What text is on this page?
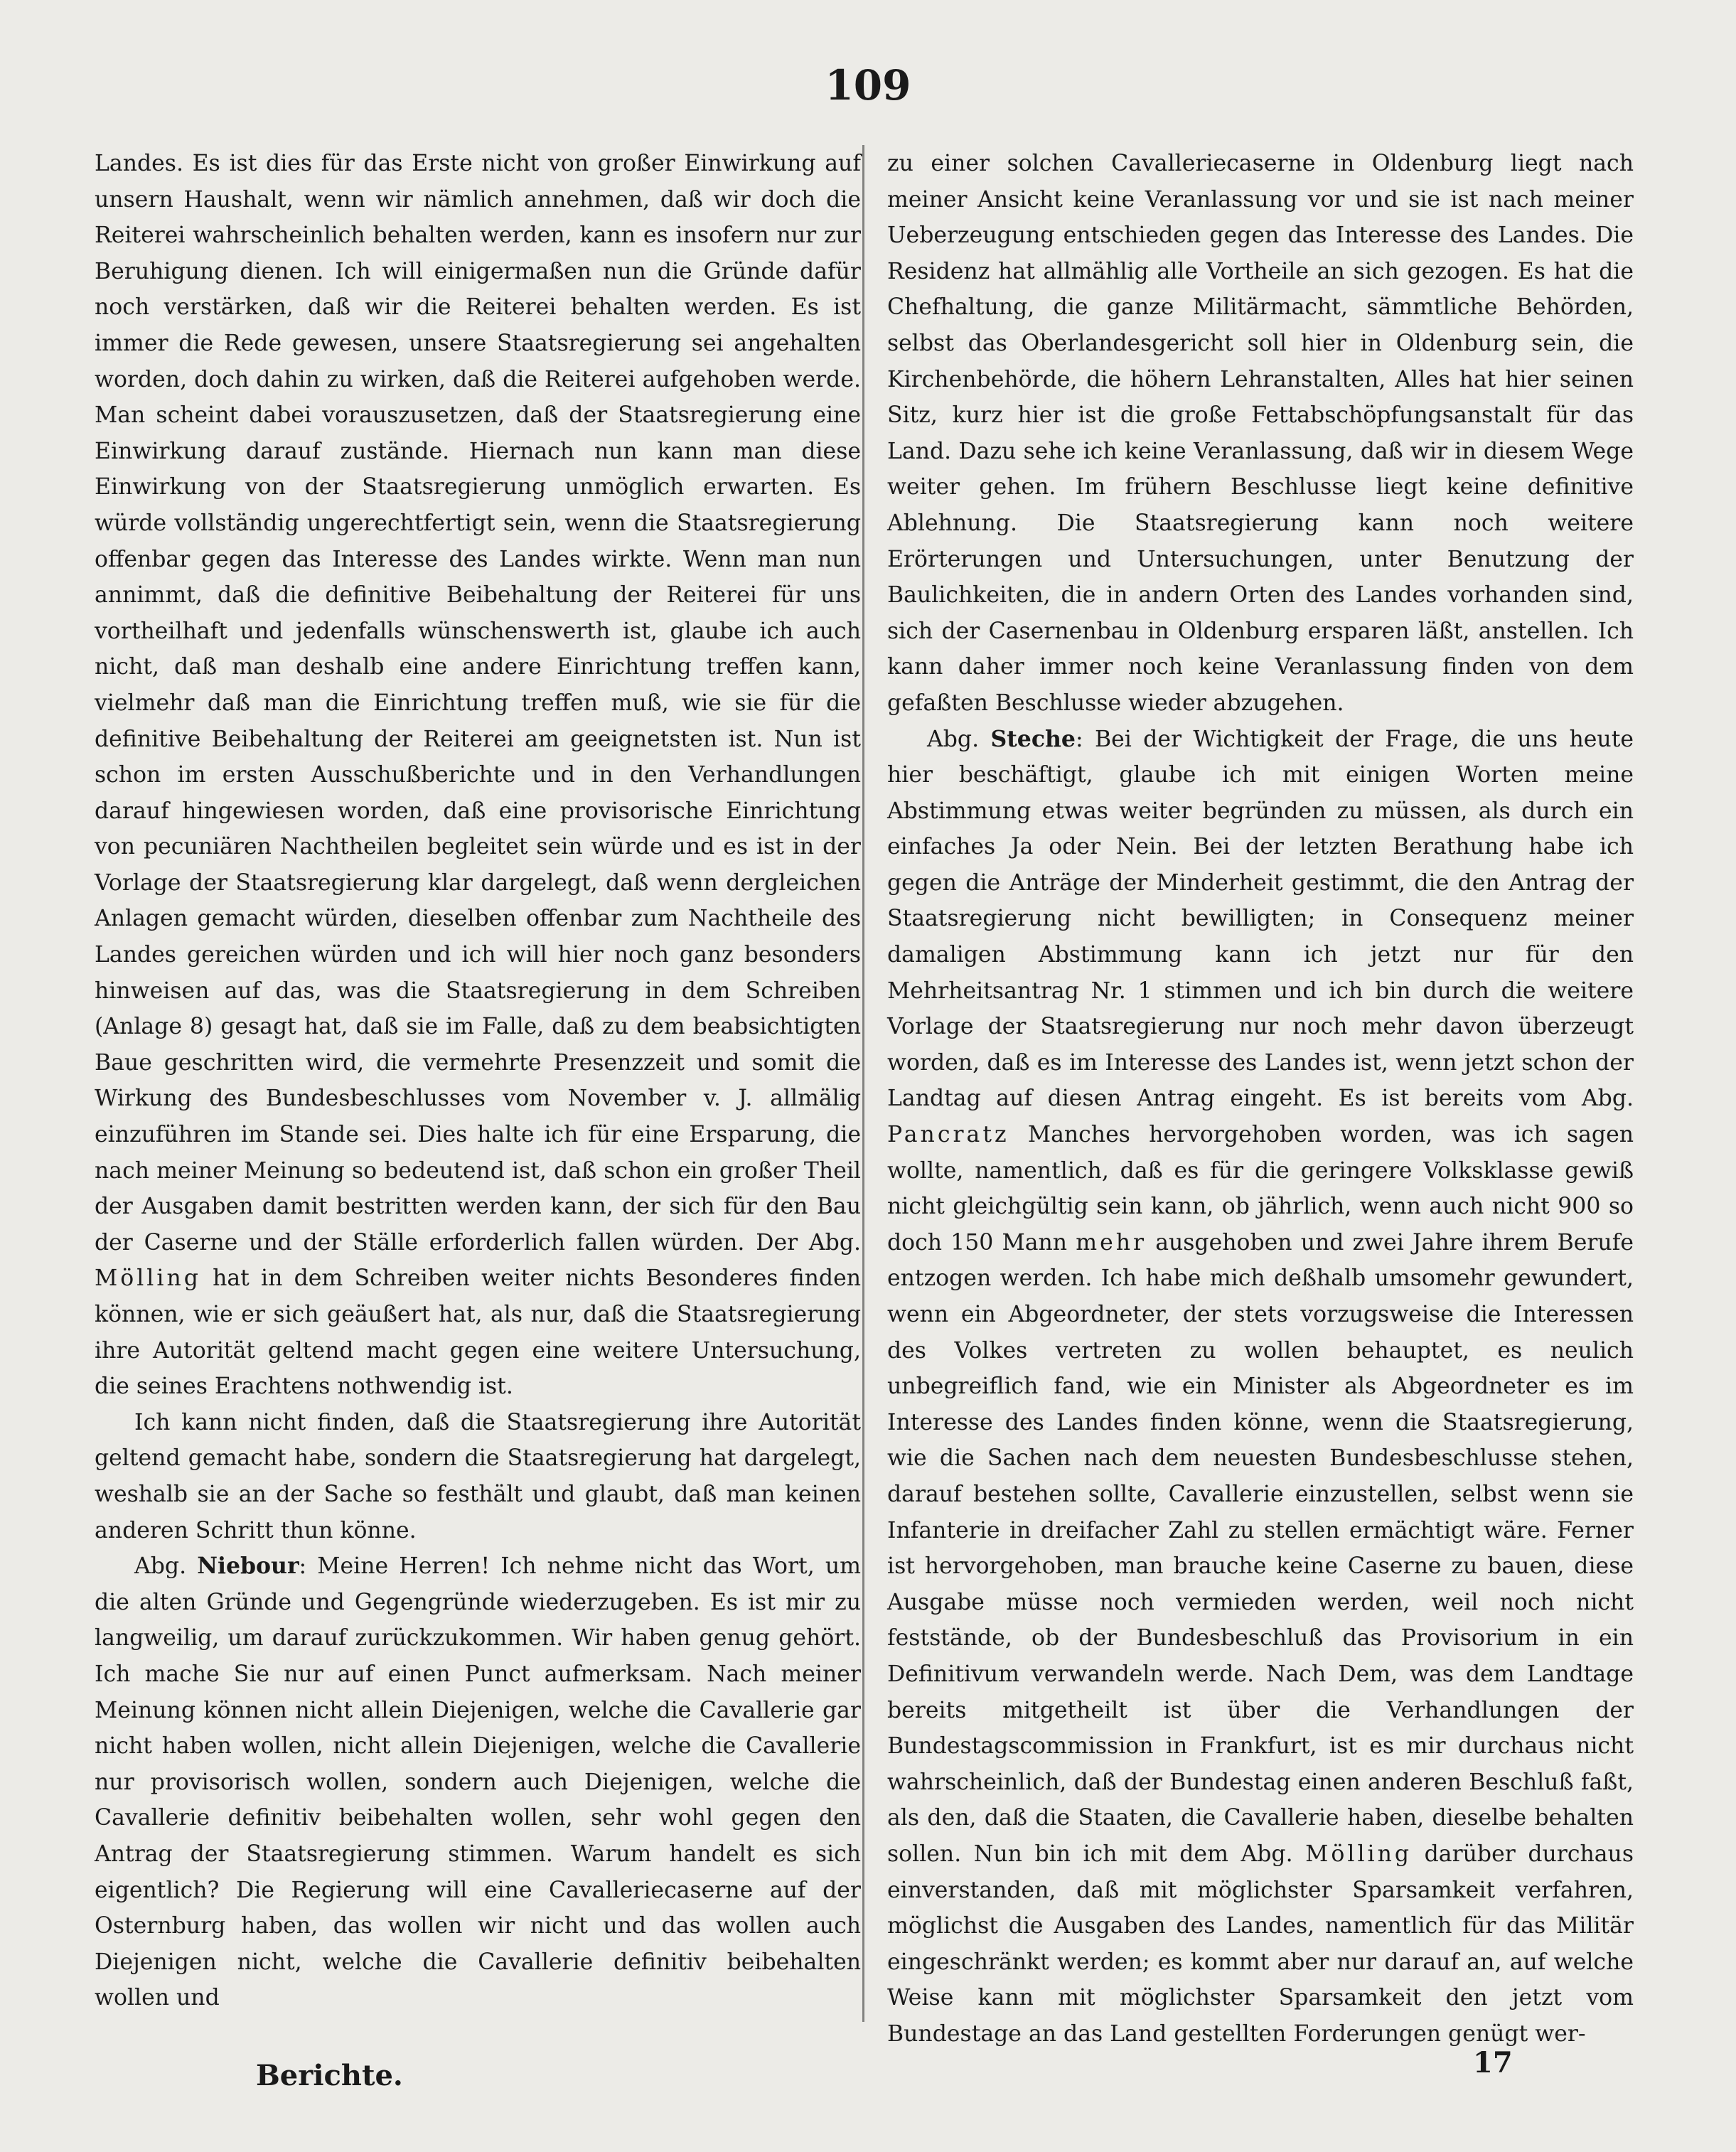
109

Landes. Es ist dies für das Erste nicht von großer Einwirkung auf unsern Haushalt, wenn wir nämlich annehmen, daß wir doch die Reiterei wahrscheinlich behalten werden, kann es insofern nur zur Beruhigung dienen. Ich will einigermaßen nun die Gründe dafür noch verstärken, daß wir die Reiterei behalten werden. Es ist immer die Rede gewesen, unsere Staatsregierung sei angehalten worden, doch dahin zu wirken, daß die Reiterei aufgehoben werde. Man scheint dabei vorauszusetzen, daß der Staatsregierung eine Einwirkung darauf zustände. Hiernach nun kann man diese Einwirkung von der Staatsregierung unmöglich erwarten. Es würde vollständig ungerechtfertigt sein, wenn die Staatsregierung offenbar gegen das Interesse des Landes wirkte. Wenn man nun annimmt, daß die definitive Beibehaltung der Reiterei für uns vortheilhaft und jedenfalls wünschenswerth ist, glaube ich auch nicht, daß man deshalb eine andere Einrichtung treffen kann, vielmehr daß man die Einrichtung treffen muß, wie sie für die definitive Beibehaltung der Reiterei am geeignetsten ist. Nun ist schon im ersten Ausschußberichte und in den Verhandlungen darauf hingewiesen worden, daß eine provisorische Einrichtung von pecuniären Nachtheilen begleitet sein würde und es ist in der Vorlage der Staatsregierung klar dargelegt, daß wenn dergleichen Anlagen gemacht würden, dieselben offenbar zum Nachtheile des Landes gereichen würden und ich will hier noch ganz besonders hinweisen auf das, was die Staatsregierung in dem Schreiben (Anlage 8) gesagt hat, daß sie im Falle, daß zu dem beabsichtigten Baue geschritten wird, die vermehrte Presenzzeit und somit die Wirkung des Bundesbeschlusses vom November v. J. allmälig einzuführen im Stande sei. Dies halte ich für eine Ersparung, die nach meiner Meinung so bedeutend ist, daß schon ein großer Theil der Ausgaben damit bestritten werden kann, der sich für den Bau der Caserne und der Ställe erforderlich fallen würden. Der Abg. Mölling hat in dem Schreiben weiter nichts Besonderes finden können, wie er sich geäußert hat, als nur, daß die Staatsregierung ihre Autorität geltend macht gegen eine weitere Untersuchung, die seines Erachtens nothwendig ist.

Ich kann nicht finden, daß die Staatsregierung ihre Autorität geltend gemacht habe, sondern die Staatsregierung hat dargelegt, weshalb sie an der Sache so festhält und glaubt, daß man keinen anderen Schritt thun könne.

Abg. Niebour: Meine Herren! Ich nehme nicht das Wort, um die alten Gründe und Gegengründe wiederzugeben. Es ist mir zu langweilig, um darauf zurückzukommen. Wir haben genug gehört. Ich mache Sie nur auf einen Punct aufmerksam. Nach meiner Meinung können nicht allein Diejenigen, welche die Cavallerie gar nicht haben wollen, nicht allein Diejenigen, welche die Cavallerie nur provisorisch wollen, sondern auch Diejenigen, welche die Cavallerie definitiv beibehalten wollen, sehr wohl gegen den Antrag der Staatsregierung stimmen. Warum handelt es sich eigentlich? Die Regierung will eine Cavalleriecaserne auf der Osternburg haben, das wollen wir nicht und das wollen auch Diejenigen nicht, welche die Cavallerie definitiv beibehalten wollen und

zu einer solchen Cavalleriecaserne in Oldenburg liegt nach meiner Ansicht keine Veranlassung vor und sie ist nach meiner Ueberzeugung entschieden gegen das Interesse des Landes. Die Residenz hat allmählig alle Vortheile an sich gezogen. Es hat die Chefhaltung, die ganze Militärmacht, sämmtliche Behörden, selbst das Oberlandesgericht soll hier in Oldenburg sein, die Kirchenbehörde, die höhern Lehranstalten, Alles hat hier seinen Sitz, kurz hier ist die große Fettabschöpfungsanstalt für das Land. Dazu sehe ich keine Veranlassung, daß wir in diesem Wege weiter gehen. Im frühern Beschlusse liegt keine definitive Ablehnung. Die Staatsregierung kann noch weitere Erörterungen und Untersuchungen, unter Benutzung der Baulichkeiten, die in andern Orten des Landes vorhanden sind, sich der Casernenbau in Oldenburg ersparen läßt, anstellen. Ich kann daher immer noch keine Veranlassung finden von dem gefaßten Beschlusse wieder abzugehen.

Abg. Steche: Bei der Wichtigkeit der Frage, die uns heute hier beschäftigt, glaube ich mit einigen Worten meine Abstimmung etwas weiter begründen zu müssen, als durch ein einfaches Ja oder Nein. Bei der letzten Berathung habe ich gegen die Anträge der Minderheit gestimmt, die den Antrag der Staatsregierung nicht bewilligten; in Consequenz meiner damaligen Abstimmung kann ich jetzt nur für den Mehrheitsantrag Nr. 1 stimmen und ich bin durch die weitere Vorlage der Staatsregierung nur noch mehr davon überzeugt worden, daß es im Interesse des Landes ist, wenn jetzt schon der Landtag auf diesen Antrag eingeht. Es ist bereits vom Abg. Pancratz Manches hervorgehoben worden, was ich sagen wollte, namentlich, daß es für die geringere Volksklasse gewiß nicht gleichgültig sein kann, ob jährlich, wenn auch nicht 900 so doch 150 Mann mehr ausgehoben und zwei Jahre ihrem Berufe entzogen werden. Ich habe mich deßhalb umsomehr gewundert, wenn ein Abgeordneter, der stets vorzugsweise die Interessen des Volkes vertreten zu wollen behauptet, es neulich unbegreiflich fand, wie ein Minister als Abgeordneter es im Interesse des Landes finden könne, wenn die Staatsregierung, wie die Sachen nach dem neuesten Bundesbeschlusse stehen, darauf bestehen sollte, Cavallerie einzustellen, selbst wenn sie Infanterie in dreifacher Zahl zu stellen ermächtigt wäre. Ferner ist hervorgehoben, man brauche keine Caserne zu bauen, diese Ausgabe müsse noch vermieden werden, weil noch nicht feststände, ob der Bundesbeschluß das Provisorium in ein Definitivum verwandeln werde. Nach Dem, was dem Landtage bereits mitgetheilt ist über die Verhandlungen der Bundestagscommission in Frankfurt, ist es mir durchaus nicht wahrscheinlich, daß der Bundestag einen anderen Beschluß faßt, als den, daß die Staaten, die Cavallerie haben, dieselbe behalten sollen. Nun bin ich mit dem Abg. Mölling darüber durchaus einverstanden, daß mit möglichster Sparsamkeit verfahren, möglichst die Ausgaben des Landes, namentlich für das Militär eingeschränkt werden; es kommt aber nur darauf an, auf welche Weise kann mit möglichster Sparsamkeit den jetzt vom Bundestage an das Land gestellten Forderungen genügt wer-

Berichte.	17
